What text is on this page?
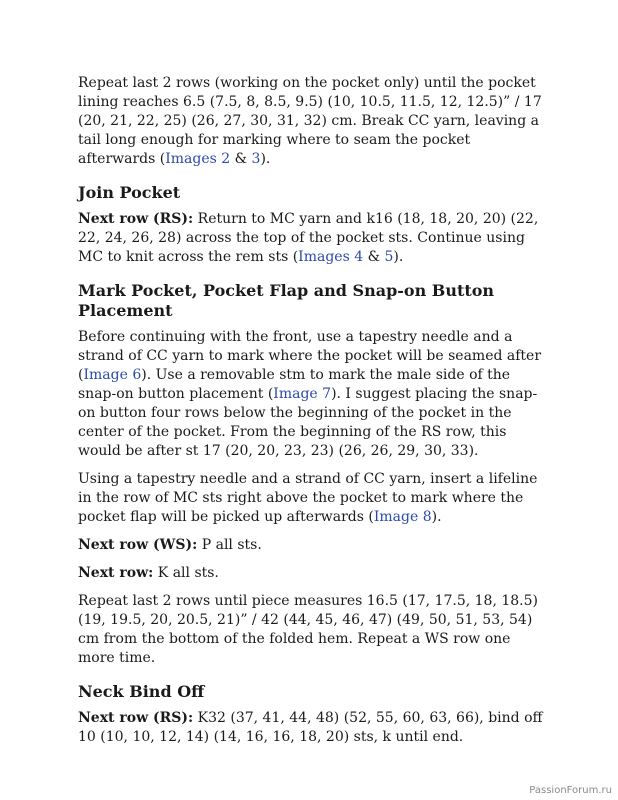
Repeat last 2 rows (working on the pocket only) until the pocket lining reaches 6.5 (7.5, 8, 8.5, 9.5) (10, 10.5, 11.5, 12, 12.5)” / 17 (20, 21, 22, 25) (26, 27, 30, 31, 32) cm. Break CC yarn, leaving a tail long enough for marking where to seam the pocket afterwards (Images 2 & 3).

Join Pocket

Next row (RS): Return to MC yarn and k16 (18, 18, 20, 20) (22, 22, 24, 26, 28) across the top of the pocket sts. Continue using MC to knit across the rem sts (Images 4 & 5).

Mark Pocket, Pocket Flap and Snap-on Button Placement

Before continuing with the front, use a tapestry needle and a strand of CC yarn to mark where the pocket will be seamed after (Image 6). Use a removable stm to mark the male side of the snap-on button placement (Image 7). I suggest placing the snap-on button four rows below the beginning of the pocket in the center of the pocket. From the beginning of the RS row, this would be after st 17 (20, 20, 23, 23) (26, 26, 29, 30, 33).

Using a tapestry needle and a strand of CC yarn, insert a lifeline in the row of MC sts right above the pocket to mark where the pocket flap will be picked up afterwards (Image 8).

Next row (WS): P all sts.

Next row: K all sts.

Repeat last 2 rows until piece measures 16.5 (17, 17.5, 18, 18.5) (19, 19.5, 20, 20.5, 21)” / 42 (44, 45, 46, 47) (49, 50, 51, 53, 54) cm from the bottom of the folded hem. Repeat a WS row one more time.

Neck Bind Off

Next row (RS): K32 (37, 41, 44, 48) (52, 55, 60, 63, 66), bind off 10 (10, 10, 12, 14) (14, 16, 16, 18, 20) sts, k until end.

PassionForum.ru
